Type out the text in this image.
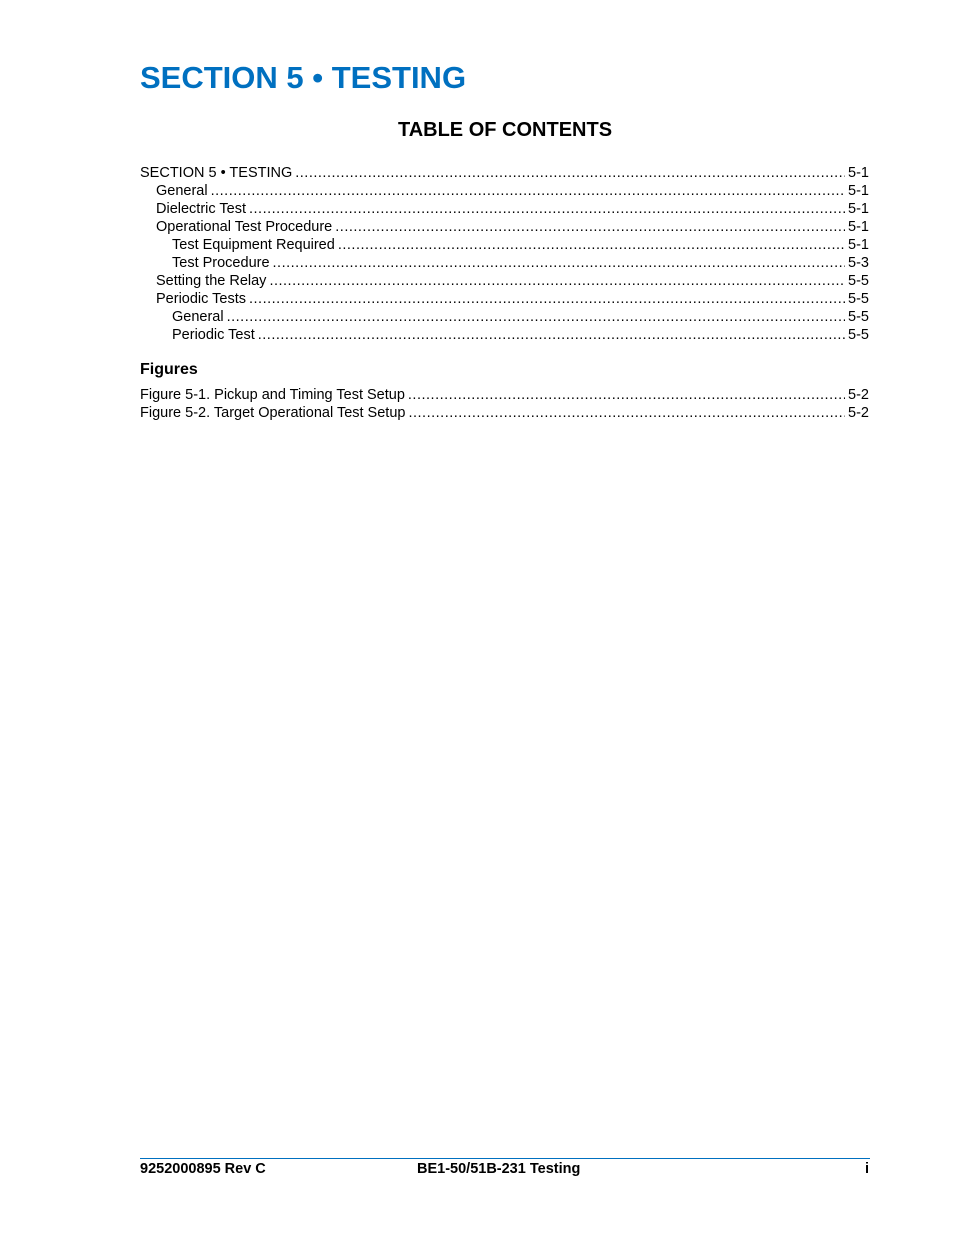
SECTION 5 • TESTING
TABLE OF CONTENTS
SECTION 5 • TESTING .....	5-1
General .....	5-1
Dielectric Test .....	5-1
Operational Test Procedure .....	5-1
Test Equipment Required .....	5-1
Test Procedure .....	5-3
Setting the Relay .....	5-5
Periodic Tests .....	5-5
General .....	5-5
Periodic Test .....	5-5
Figures
Figure 5-1. Pickup and Timing Test Setup .....	5-2
Figure 5-2. Target Operational Test Setup .....	5-2
9252000895 Rev C	BE1-50/51B-231 Testing	i
